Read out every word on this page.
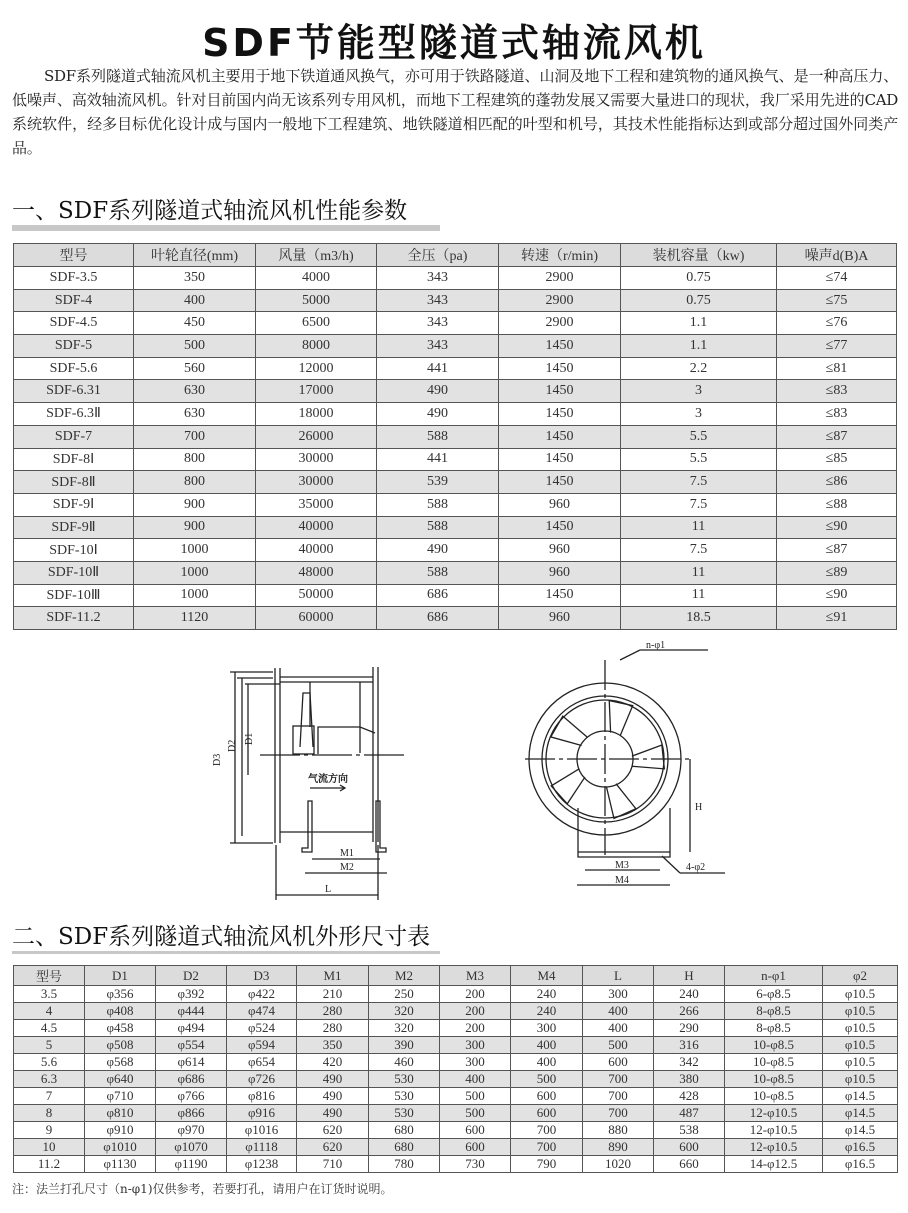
SDF节能型隧道式轴流风机
SDF系列隧道式轴流风机主要用于地下铁道通风换气，亦可用于铁路隧道、山洞及地下工程和建筑物的通风换气、是一种高压力、低噪声、高效轴流风机。针对目前国内尚无该系列专用风机，而地下工程建筑的蓬勃发展又需要大量进口的现状，我厂采用先进的CAD系统软件，经多目标优化设计成与国内一般地下工程建筑、地铁隧道相匹配的叶型和机号，其技术性能指标达到或部分超过国外同类产品。
一、SDF系列隧道式轴流风机性能参数
型号	叶轮直径(mm)	风量（m3/h)	全压（pa)	转速（r/min)	装机容量（kw)	噪声d(B)A
SDF-3.5	350	4000	343	2900	0.75	≤74
SDF-4	400	5000	343	2900	0.75	≤75
SDF-4.5	450	6500	343	2900	1.1	≤76
SDF-5	500	8000	343	1450	1.1	≤77
SDF-5.6	560	12000	441	1450	2.2	≤81
SDF-6.31	630	17000	490	1450	3	≤83
SDF-6.3Ⅱ	630	18000	490	1450	3	≤83
SDF-7	700	26000	588	1450	5.5	≤87
SDF-8Ⅰ	800	30000	441	1450	5.5	≤85
SDF-8Ⅱ	800	30000	539	1450	7.5	≤86
SDF-9Ⅰ	900	35000	588	960	7.5	≤88
SDF-9Ⅱ	900	40000	588	1450	11	≤90
SDF-10Ⅰ	1000	40000	490	960	7.5	≤87
SDF-10Ⅱ	1000	48000	588	960	11	≤89
SDF-10Ⅲ	1000	50000	686	1450	11	≤90
SDF-11.2	1120	60000	686	960	18.5	≤91
D3
D2
D1
气流方向
M1
M2
L
n-φ1
H
M3
M4
4-φ2
二、SDF系列隧道式轴流风机外形尺寸表
型号	D1	D2	D3	M1	M2	M3	M4	L	H	n-φ1	φ2
3.5	φ356	φ392	φ422	210	250	200	240	300	240	6-φ8.5	φ10.5
4	φ408	φ444	φ474	280	320	200	240	400	266	8-φ8.5	φ10.5
4.5	φ458	φ494	φ524	280	320	200	300	400	290	8-φ8.5	φ10.5
5	φ508	φ554	φ594	350	390	300	400	500	316	10-φ8.5	φ10.5
5.6	φ568	φ614	φ654	420	460	300	400	600	342	10-φ8.5	φ10.5
6.3	φ640	φ686	φ726	490	530	400	500	700	380	10-φ8.5	φ10.5
7	φ710	φ766	φ816	490	530	500	600	700	428	10-φ8.5	φ14.5
8	φ810	φ866	φ916	490	530	500	600	700	487	12-φ10.5	φ14.5
9	φ910	φ970	φ1016	620	680	600	700	880	538	12-φ10.5	φ14.5
10	φ1010	φ1070	φ1118	620	680	600	700	890	600	12-φ10.5	φ16.5
11.2	φ1130	φ1190	φ1238	710	780	730	790	1020	660	14-φ12.5	φ16.5
注：法兰打孔尺寸（n-φ1)仅供参考，若要打孔，请用户在订货时说明。
